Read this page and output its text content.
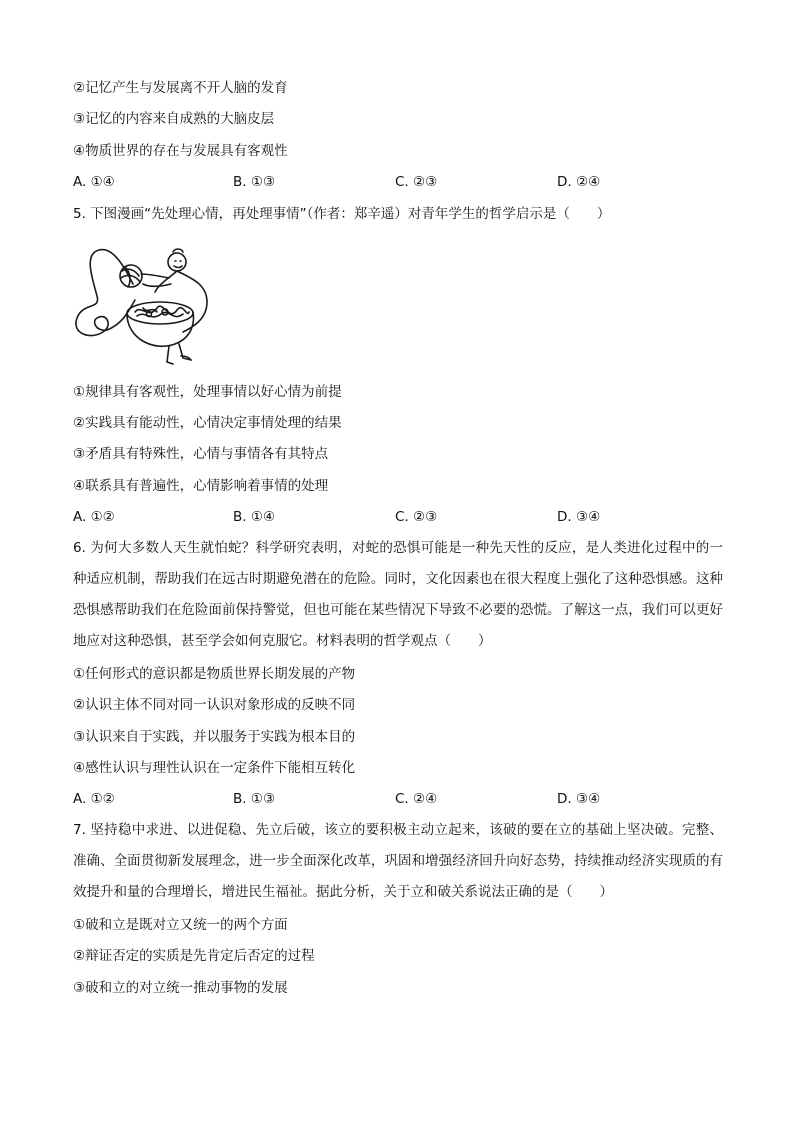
②记忆产生与发展离不开人脑的发育
③记忆的内容来自成熟的大脑皮层
④物质世界的存在与发展具有客观性
A. ①④	B. ①③	C. ②③	D. ②④
5. 下图漫画“先处理心情，再处理事情”（作者：郑辛遥）对青年学生的哲学启示是（　　）
①规律具有客观性，处理事情以好心情为前提
②实践具有能动性，心情决定事情处理的结果
③矛盾具有特殊性，心情与事情各有其特点
④联系具有普遍性，心情影响着事情的处理
A. ①②	B. ①④	C. ②③	D. ③④
6. 为何大多数人天生就怕蛇？科学研究表明，对蛇的恐惧可能是一种先天性的反应，是人类进化过程中的一种适应机制，帮助我们在远古时期避免潜在的危险。同时，文化因素也在很大程度上强化了这种恐惧感。这种恐惧感帮助我们在危险面前保持警觉，但也可能在某些情况下导致不必要的恐慌。了解这一点，我们可以更好地应对这种恐惧，甚至学会如何克服它。材料表明的哲学观点（　　）
①任何形式的意识都是物质世界长期发展的产物
②认识主体不同对同一认识对象形成的反映不同
③认识来自于实践，并以服务于实践为根本目的
④感性认识与理性认识在一定条件下能相互转化
A. ①②	B. ①③	C. ②④	D. ③④
7. 坚持稳中求进、以进促稳、先立后破，该立的要积极主动立起来，该破的要在立的基础上坚决破。完整、准确、全面贯彻新发展理念，进一步全面深化改革，巩固和增强经济回升向好态势，持续推动经济实现质的有效提升和量的合理增长，增进民生福祉。据此分析，关于立和破关系说法正确的是（　　）
①破和立是既对立又统一的两个方面
②辩证否定的实质是先肯定后否定的过程
③破和立的对立统一推动事物的发展
